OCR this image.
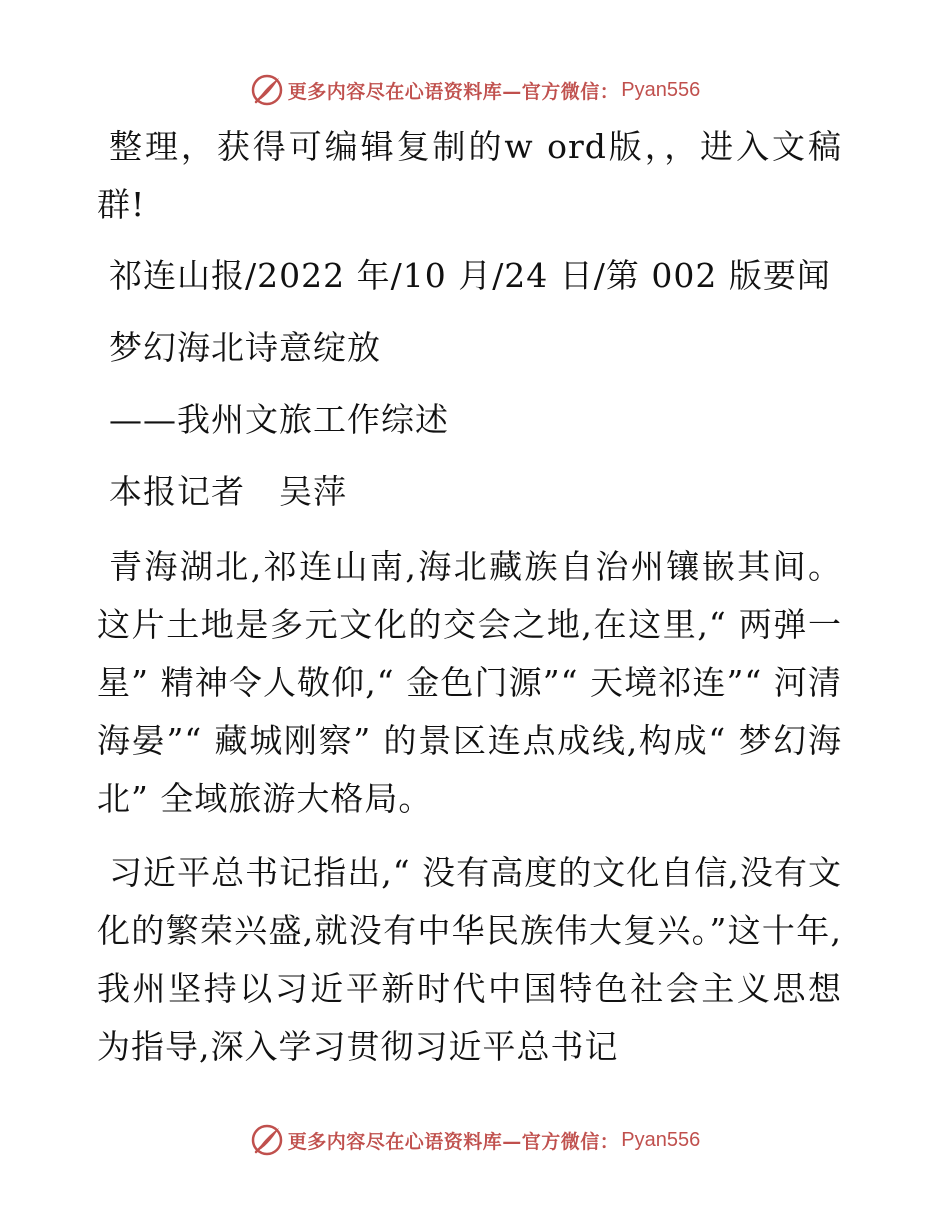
更多内容尽在心语资料库—官方微信： Pyan556

整理，获得可编辑复制的w ord版，，进入文稿群!

祁连山报/2022 年/10 月/24 日/第 002 版要闻
梦幻海北诗意绽放
——我州文旅工作综述
本报记者　吴萍

青海湖北,祁连山南,海北藏族自治州镶嵌其间。这片土地是多元文化的交会之地,在这里,“ 两弹一星” 精神令人敬仰,“ 金色门源”“ 天境祁连”“ 河清海晏”“ 藏城刚察” 的景区连点成线,构成“ 梦幻海北” 全域旅游大格局。

习近平总书记指出,“ 没有高度的文化自信,没有文化的繁荣兴盛,就没有中华民族伟大复兴。”这十年,我州坚持以习近平新时代中国特色社会主义思想为指导,深入学习贯彻习近平总书记

更多内容尽在心语资料库—官方微信： Pyan556
